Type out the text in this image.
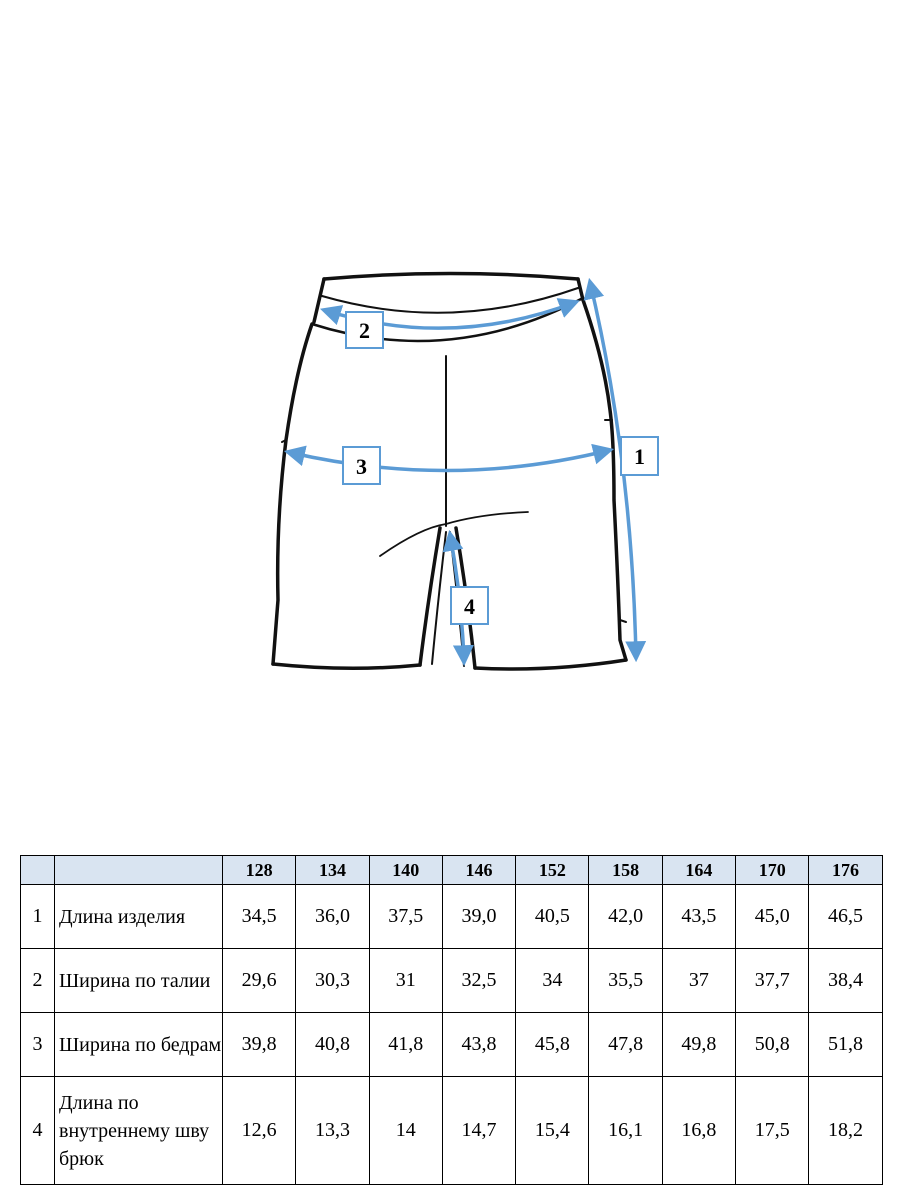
1
2
3
4
		128	134	140	146	152	158	164	170	176
1	Длина изделия	34,5	36,0	37,5	39,0	40,5	42,0	43,5	45,0	46,5
2	Ширина по талии	29,6	30,3	31	32,5	34	35,5	37	37,7	38,4
3	Ширина по бедрам	39,8	40,8	41,8	43,8	45,8	47,8	49,8	50,8	51,8
4	Длина по внутреннему шву брюк	12,6	13,3	14	14,7	15,4	16,1	16,8	17,5	18,2
